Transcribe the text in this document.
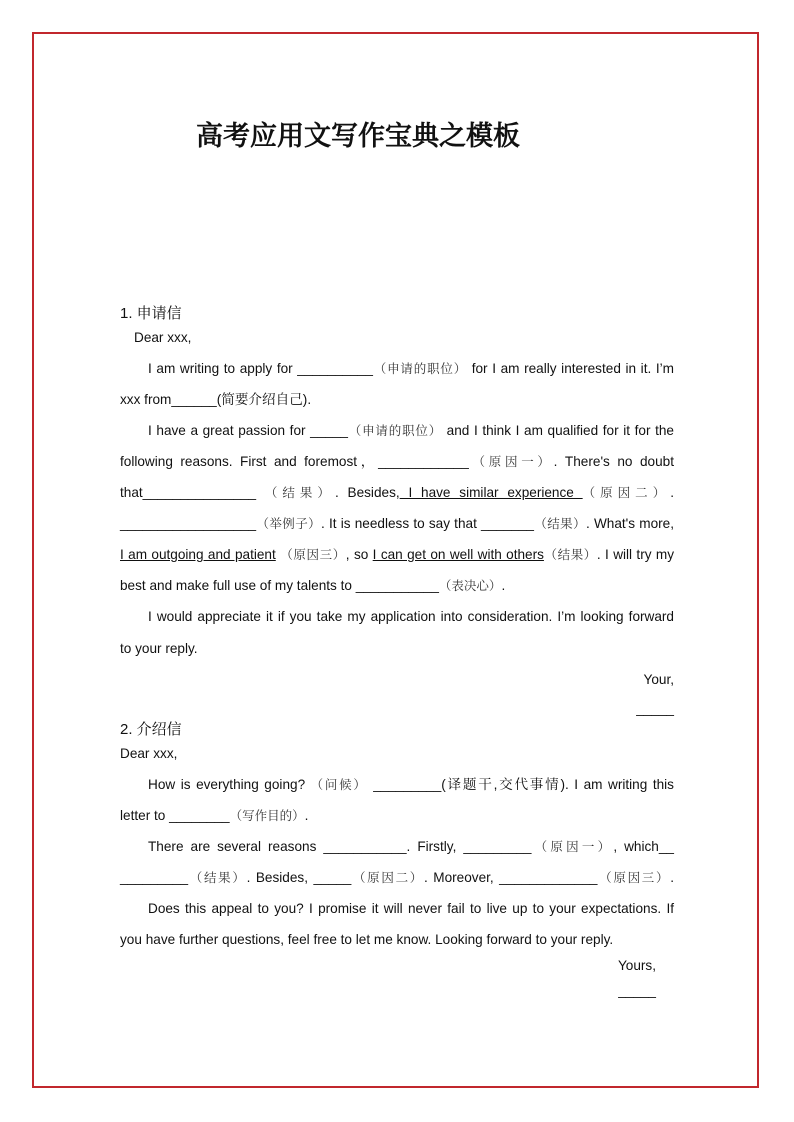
高考应用文写作宝典之模板
1. 申请信
Dear xxx,
I am writing to apply for __________（申请的职位） for I am really interested in it. I’m
xxx from______(简要介绍自己).
I have a great passion for _____（申请的职位） and I think I am qualified for it for the
following reasons. First and foremost，____________（原因一）. There's no doubt
that_______________ （结果）. Besides, I have similar experience （原因二）.
__________________（举例子）. It is needless to say that _______（结果）. What's more,
I am outgoing and patient （原因三）, so I can get on well with others（结果）. I will try my
best and make full use of my talents to ___________（表决心）.
I would appreciate it if you take my application into consideration. I’m looking forward
to your reply.
Your,
_____
2. 介绍信
Dear xxx,
How is everything going? （问候） _________(译题干,交代事情). I am writing this
letter to ________（写作目的）.
There are several reasons ___________. Firstly, _________（原因一）, which__
_________（结果）. Besides, _____（原因二）. Moreover, _____________（原因三）.
Does this appeal to you? I promise it will never fail to live up to your expectations. If
you have further questions, feel free to let me know. Looking forward to your reply.
Yours,
_____
